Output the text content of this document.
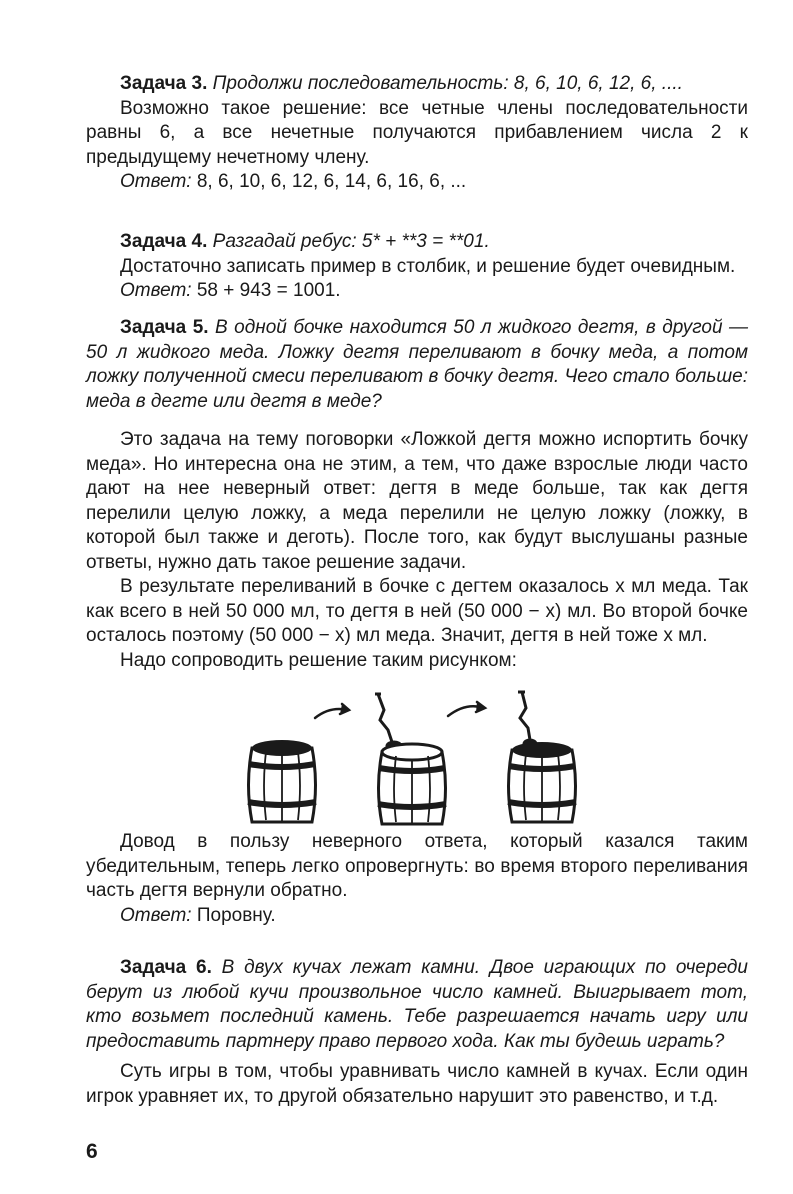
Задача 3. Продолжи последовательность: 8, 6, 10, 6, 12, 6, ....

Возможно такое решение: все четные члены последовательности равны 6, а все нечетные получаются прибавлением числа 2 к предыдущему нечетному члену.

Ответ: 8, 6, 10, 6, 12, 6, 14, 6, 16, 6, ...

Задача 4. Разгадай ребус: 5* + **3 = **01.

Достаточно записать пример в столбик, и решение будет очевидным.

Ответ: 58 + 943 = 1001.

Задача 5. В одной бочке находится 50 л жидкого дегтя, в другой — 50 л жидкого меда. Ложку дегтя переливают в бочку меда, а потом ложку полученной смеси переливают в бочку дегтя. Чего стало больше: меда в дегте или дегтя в меде?

Это задача на тему поговорки «Ложкой дегтя можно испортить бочку меда». Но интересна она не этим, а тем, что даже взрослые люди часто дают на нее неверный ответ: дегтя в меде больше, так как дегтя перелили целую ложку, а меда перелили не целую ложку (ложку, в которой был также и деготь). После того, как будут выслушаны разные ответы, нужно дать такое решение задачи.

В результате переливаний в бочке с дегтем оказалось x мл меда. Так как всего в ней 50 000 мл, то дегтя в ней (50 000 − x) мл. Во второй бочке осталось поэтому (50 000 − x) мл меда. Значит, дегтя в ней тоже x мл.

Надо сопроводить решение таким рисунком:

Довод в пользу неверного ответа, который казался таким убедительным, теперь легко опровергнуть: во время второго переливания часть дегтя вернули обратно.

Ответ: Поровну.

Задача 6. В двух кучах лежат камни. Двое играющих по очереди берут из любой кучи произвольное число камней. Выигрывает тот, кто возьмет последний камень. Тебе разрешается начать игру или предоставить партнеру право первого хода. Как ты будешь играть?

Суть игры в том, чтобы уравнивать число камней в кучах. Если один игрок уравняет их, то другой обязательно нарушит это равенство, и т.д.

6
